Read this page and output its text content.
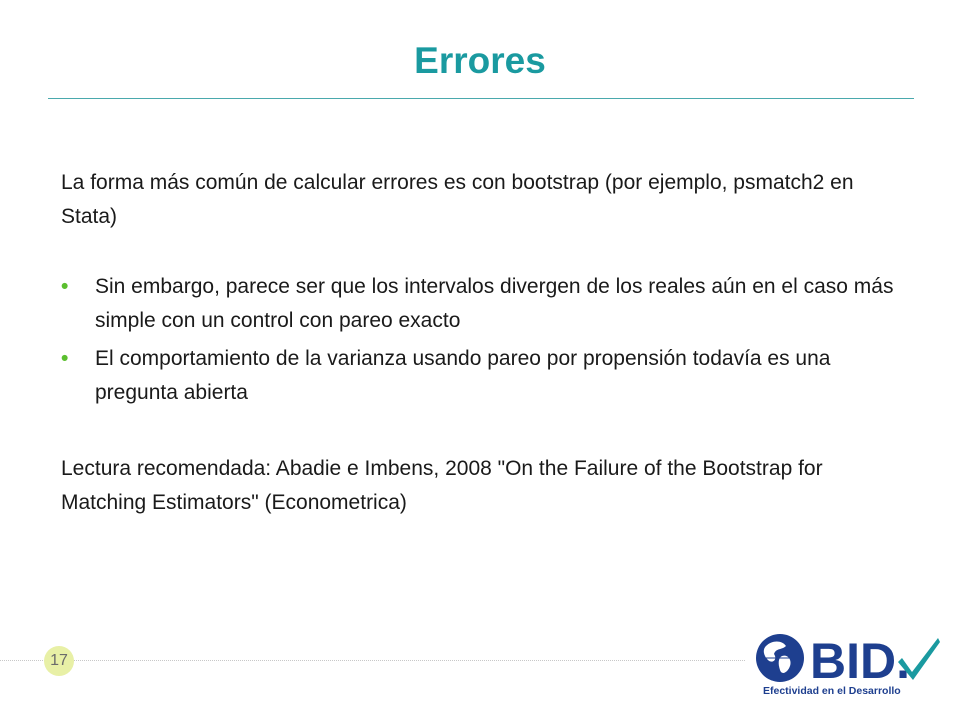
Errores

La forma más común de calcular errores es con bootstrap (por ejemplo, psmatch2 en Stata)

• Sin embargo, parece ser que los intervalos divergen de los reales aún en el caso más simple con un control con pareo exacto
• El comportamiento de la varianza usando pareo por propensión todavía es una pregunta abierta

Lectura recomendada: Abadie e Imbens, 2008 "On the Failure of the Bootstrap for Matching Estimators" (Econometrica)

17	BID.
Efectividad en el Desarrollo
